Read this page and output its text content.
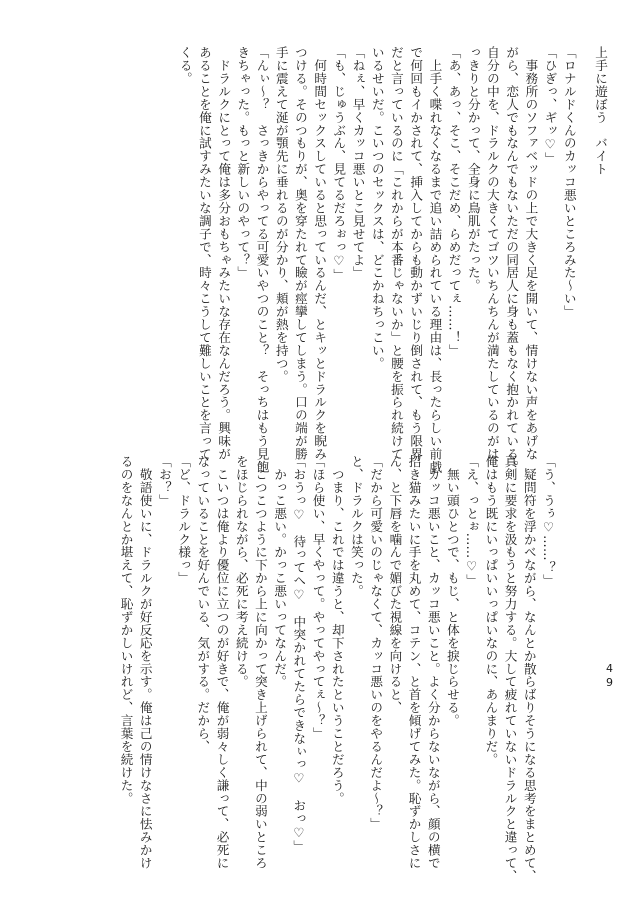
上手に遊ぼう　バイト
「ロナルドくんのカッコ悪いところみた〜い」
「ひぎっ、ギッ♡」
　事務所のソファベッドの上で大きく足を開いて、情けない声をあげな
がら、恋人でもなんでもないただの同居人に身も蓋もなく抱かれている。
自分の中を、ドラルクの大きくてゴツいちんちんが満たしているのがは
っきりと分かって、全身に鳥肌がたった。
「あ、あっ、そこ、そこだめ、らめだってぇ……！」
　上手く喋れなくなるまで追い詰められている理由は、長ったらしい前戯
で何回もイかされて、挿入してからも動かずいじり倒されて、もう限界
だと言っているのに「これからが本番じゃないか」と腰を振られ続けて
いるせいだ。こいつのセックスは、どこかねちっこい。
「ねぇ、早くカッコ悪いとこ見せてよ」
「も、じゅうぶん、見てるだろぉっ♡」
　何時間セックスしていると思っているんだ、とキッとドラルクを睨み
つける。そのつもりが、奥を穿たれて瞼が痙攣してしまう。口の端が勝
手に震えて涎が顎先に垂れるのが分かり、頬が熱を持つ。
「んぃ〜？　さっきからやってる可愛いやつのこと？　そっちはもう見飽
きちゃった。もっと新しいのやって？」
　ドラルクにとって俺は多分おもちゃみたいな存在なんだろう。興味が
あることを俺に試すみたいな調子で、時々こうして難しいことを言って
くる。
「う、うぅ♡……？」
　疑問符を浮かべながら、なんとか散らばりそうになる思考をまとめて、
真剣に要求を汲もうと努力する。大して疲れていないドラルクと違って、
俺はもう既にいっぱいいっぱいなのに、あんまりだ。
「え、っとぉ……♡」
　無い頭ひとつで、もじ、と体を捩じらせる。
　カッコ悪いこと、カッコ悪いこと。よく分からないながら、顔の横で
招き猫みたいに手を丸めて、コテン、と首を傾げてみた。恥ずかしさに
ん、と下唇を噛んで媚びた視線を向けると、
「だから可愛いのじゃなくて、カッコ悪いのをやるんだよ〜？」
と、ドラルクは笑った。
　つまり、これでは違うと、却下されたということだろう。
「ほら使い、早くやって。やってやってぇ〜？」
「おうっ♡　待ってへ♡　中突かれてたらできなぃっ♡　おっ♡」
　かっこ悪い。かっこ悪いってなんだ。
　こつこつように下から上に向かって突き上げられて、中の弱いところ
をほじられながら、必死に考え続ける。
　こいつは俺より優位に立つのが好きで、俺が弱々しく謙って、必死に
なっていることを好んでいる、気がする。だから、
「ど、ドラルク様っ」
「お？」
　敬語使いに、ドラルクが好反応を示す。俺は己の情けなさに怯みかけ
るのをなんとか堪えて、恥ずかしいけれど、言葉を続けた。	49
